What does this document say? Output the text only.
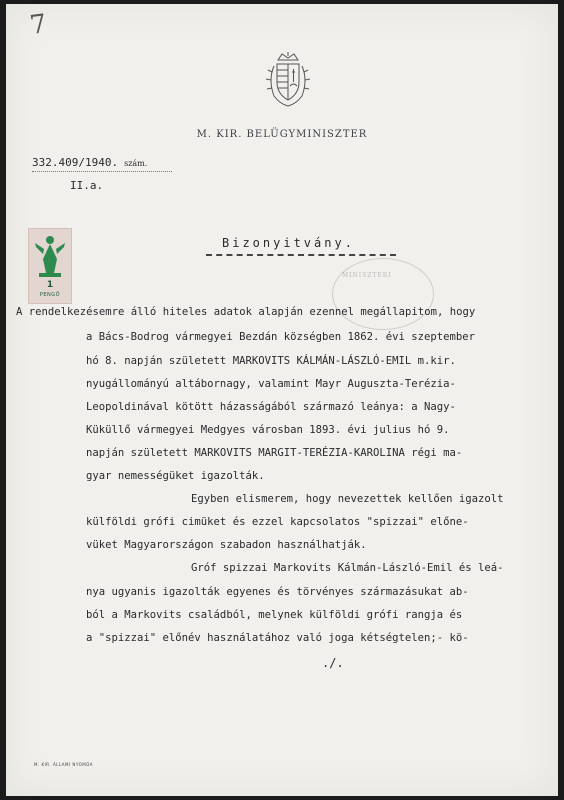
7
M. KIR. BELÜGYMINISZTER
332.409/1940. szám.
II.a.
1
PENGŐ
Bizonyitvány.
MINISZTERI
A rendelkezésemre álló hiteles adatok alapján ezennel megállapitom, hogy
a Bács-Bodrog vármegyei Bezdán községben 1862. évi szeptember
hó 8. napján született MARKOVITS KÁLMÁN-LÁSZLÓ-EMIL m.kir.
nyugállományú altábornagy, valamint Mayr Auguszta-Terézia-
Leopoldinával kötött házasságából származó leánya: a Nagy-
Küküllő vármegyei Medgyes városban 1893. évi julius hó 9.
napján született MARKOVITS MARGIT-TERÉZIA-KAROLINA régi ma-
gyar nemességüket igazolták.
Egyben elismerem, hogy nevezettek kellően igazolt
külföldi grófi cimüket és ezzel kapcsolatos "spizzai" előne-
vüket Magyarországon szabadon használhatják.
Gróf spizzai Markovits Kálmán-László-Emil és leá-
nya ugyanis igazolták egyenes és törvényes származásukat ab-
ból a Markovits családból, melynek külföldi grófi rangja és
a "spizzai" előnév használatához való joga kétségtelen;- kö-
./.
M. KIR. ÁLLAMI NYOMDA
